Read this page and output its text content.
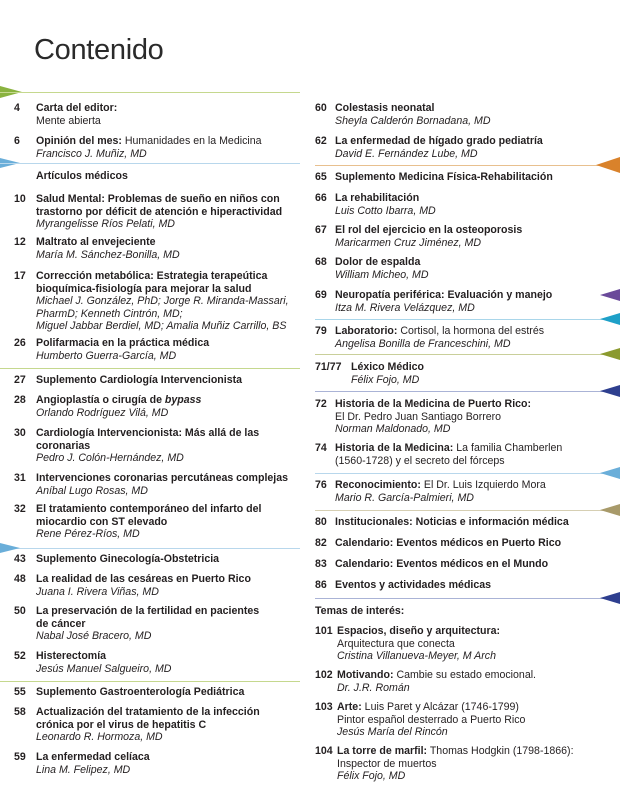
Contenido
4 Carta del editor:
Mente abierta
6 Opinión del mes: Humanidades en la Medicina
Francisco J. Muñiz, MD
Artículos médicos
10 Salud Mental: Problemas de sueño en niños con
trastorno por déficit de atención e hiperactividad
Myrangelisse Ríos Pelati, MD
12 Maltrato al envejeciente
María M. Sánchez-Bonilla, MD
17 Corrección metabólica: Estrategia terapeútica
bioquímica-fisiología para mejorar la salud
Michael J. González, PhD; Jorge R. Miranda-Massari,
PharmD; Kenneth Cintrón, MD;
Miguel Jabbar Berdiel, MD; Amalia Muñiz Carrillo, BS
26 Polifarmacia en la práctica médica
Humberto Guerra-García, MD
27 Suplemento Cardiología Intervencionista
28 Angioplastía o cirugía de bypass
Orlando Rodríguez Vilá, MD
30 Cardiología Intervencionista: Más allá de las
coronarias
Pedro J. Colón-Hernández, MD
31 Intervenciones coronarias percutáneas complejas
Aníbal Lugo Rosas, MD
32 El tratamiento contemporáneo del infarto del
miocardio con ST elevado
Rene Pérez-Ríos, MD
43 Suplemento Ginecología-Obstetricia
48 La realidad de las cesáreas en Puerto Rico
Juana I. Rivera Viñas, MD
50 La preservación de la fertilidad en pacientes
de cáncer
Nabal José Bracero, MD
52 Histerectomía
Jesús Manuel Salgueiro, MD
55 Suplemento Gastroenterología Pediátrica
58 Actualización del tratamiento de la infección
crónica por el virus de hepatitis C
Leonardo R. Hormoza, MD
59 La enfermedad celíaca
Lina M. Felipez, MD
60 Colestasis neonatal
Sheyla Calderón Bornadana, MD
62 La enfermedad de hígado grado pediatría
David E. Fernández Lube, MD
65 Suplemento Medicina Física-Rehabilitación
66 La rehabilitación
Luis Cotto Ibarra, MD
67 El rol del ejercicio en la osteoporosis
Maricarmen Cruz Jiménez, MD
68 Dolor de espalda
William Micheo, MD
69 Neuropatía periférica: Evaluación y manejo
Itza M. Rivera Velázquez, MD
79 Laboratorio: Cortisol, la hormona del estrés
Angelisa Bonilla de Franceschini, MD
71/77 Léxico Médico
Félix Fojo, MD
72 Historia de la Medicina de Puerto Rico:
El Dr. Pedro Juan Santiago Borrero
Norman Maldonado, MD
74 Historia de la Medicina: La familia Chamberlen
(1560-1728) y el secreto del fórceps
76 Reconocimiento: El Dr. Luis Izquierdo Mora
Mario R. García-Palmieri, MD
80 Institucionales: Noticias e información médica
82 Calendario: Eventos médicos en Puerto Rico
83 Calendario: Eventos médicos en el Mundo
86 Eventos y actividades médicas
Temas de interés:
101 Espacios, diseño y arquitectura:
Arquitectura que conecta
Cristina Villanueva-Meyer, M Arch
102 Motivando: Cambie su estado emocional.
Dr. J.R. Román
103 Arte: Luis Paret y Alcázar (1746-1799)
Pintor español desterrado a Puerto Rico
Jesús María del Rincón
104 La torre de marfil: Thomas Hodgkin (1798-1866):
Inspector de muertos
Félix Fojo, MD
